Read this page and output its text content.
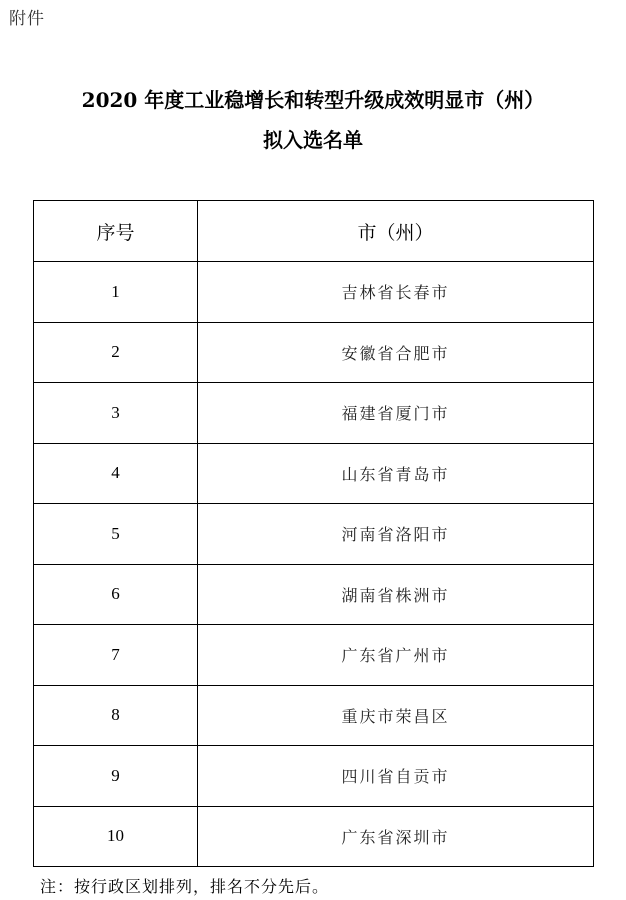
附件
2020 年度工业稳增长和转型升级成效明显市（州）
拟入选名单
序号	市（州）
1	吉林省长春市
2	安徽省合肥市
3	福建省厦门市
4	山东省青岛市
5	河南省洛阳市
6	湖南省株洲市
7	广东省广州市
8	重庆市荣昌区
9	四川省自贡市
10	广东省深圳市
注：按行政区划排列，排名不分先后。
